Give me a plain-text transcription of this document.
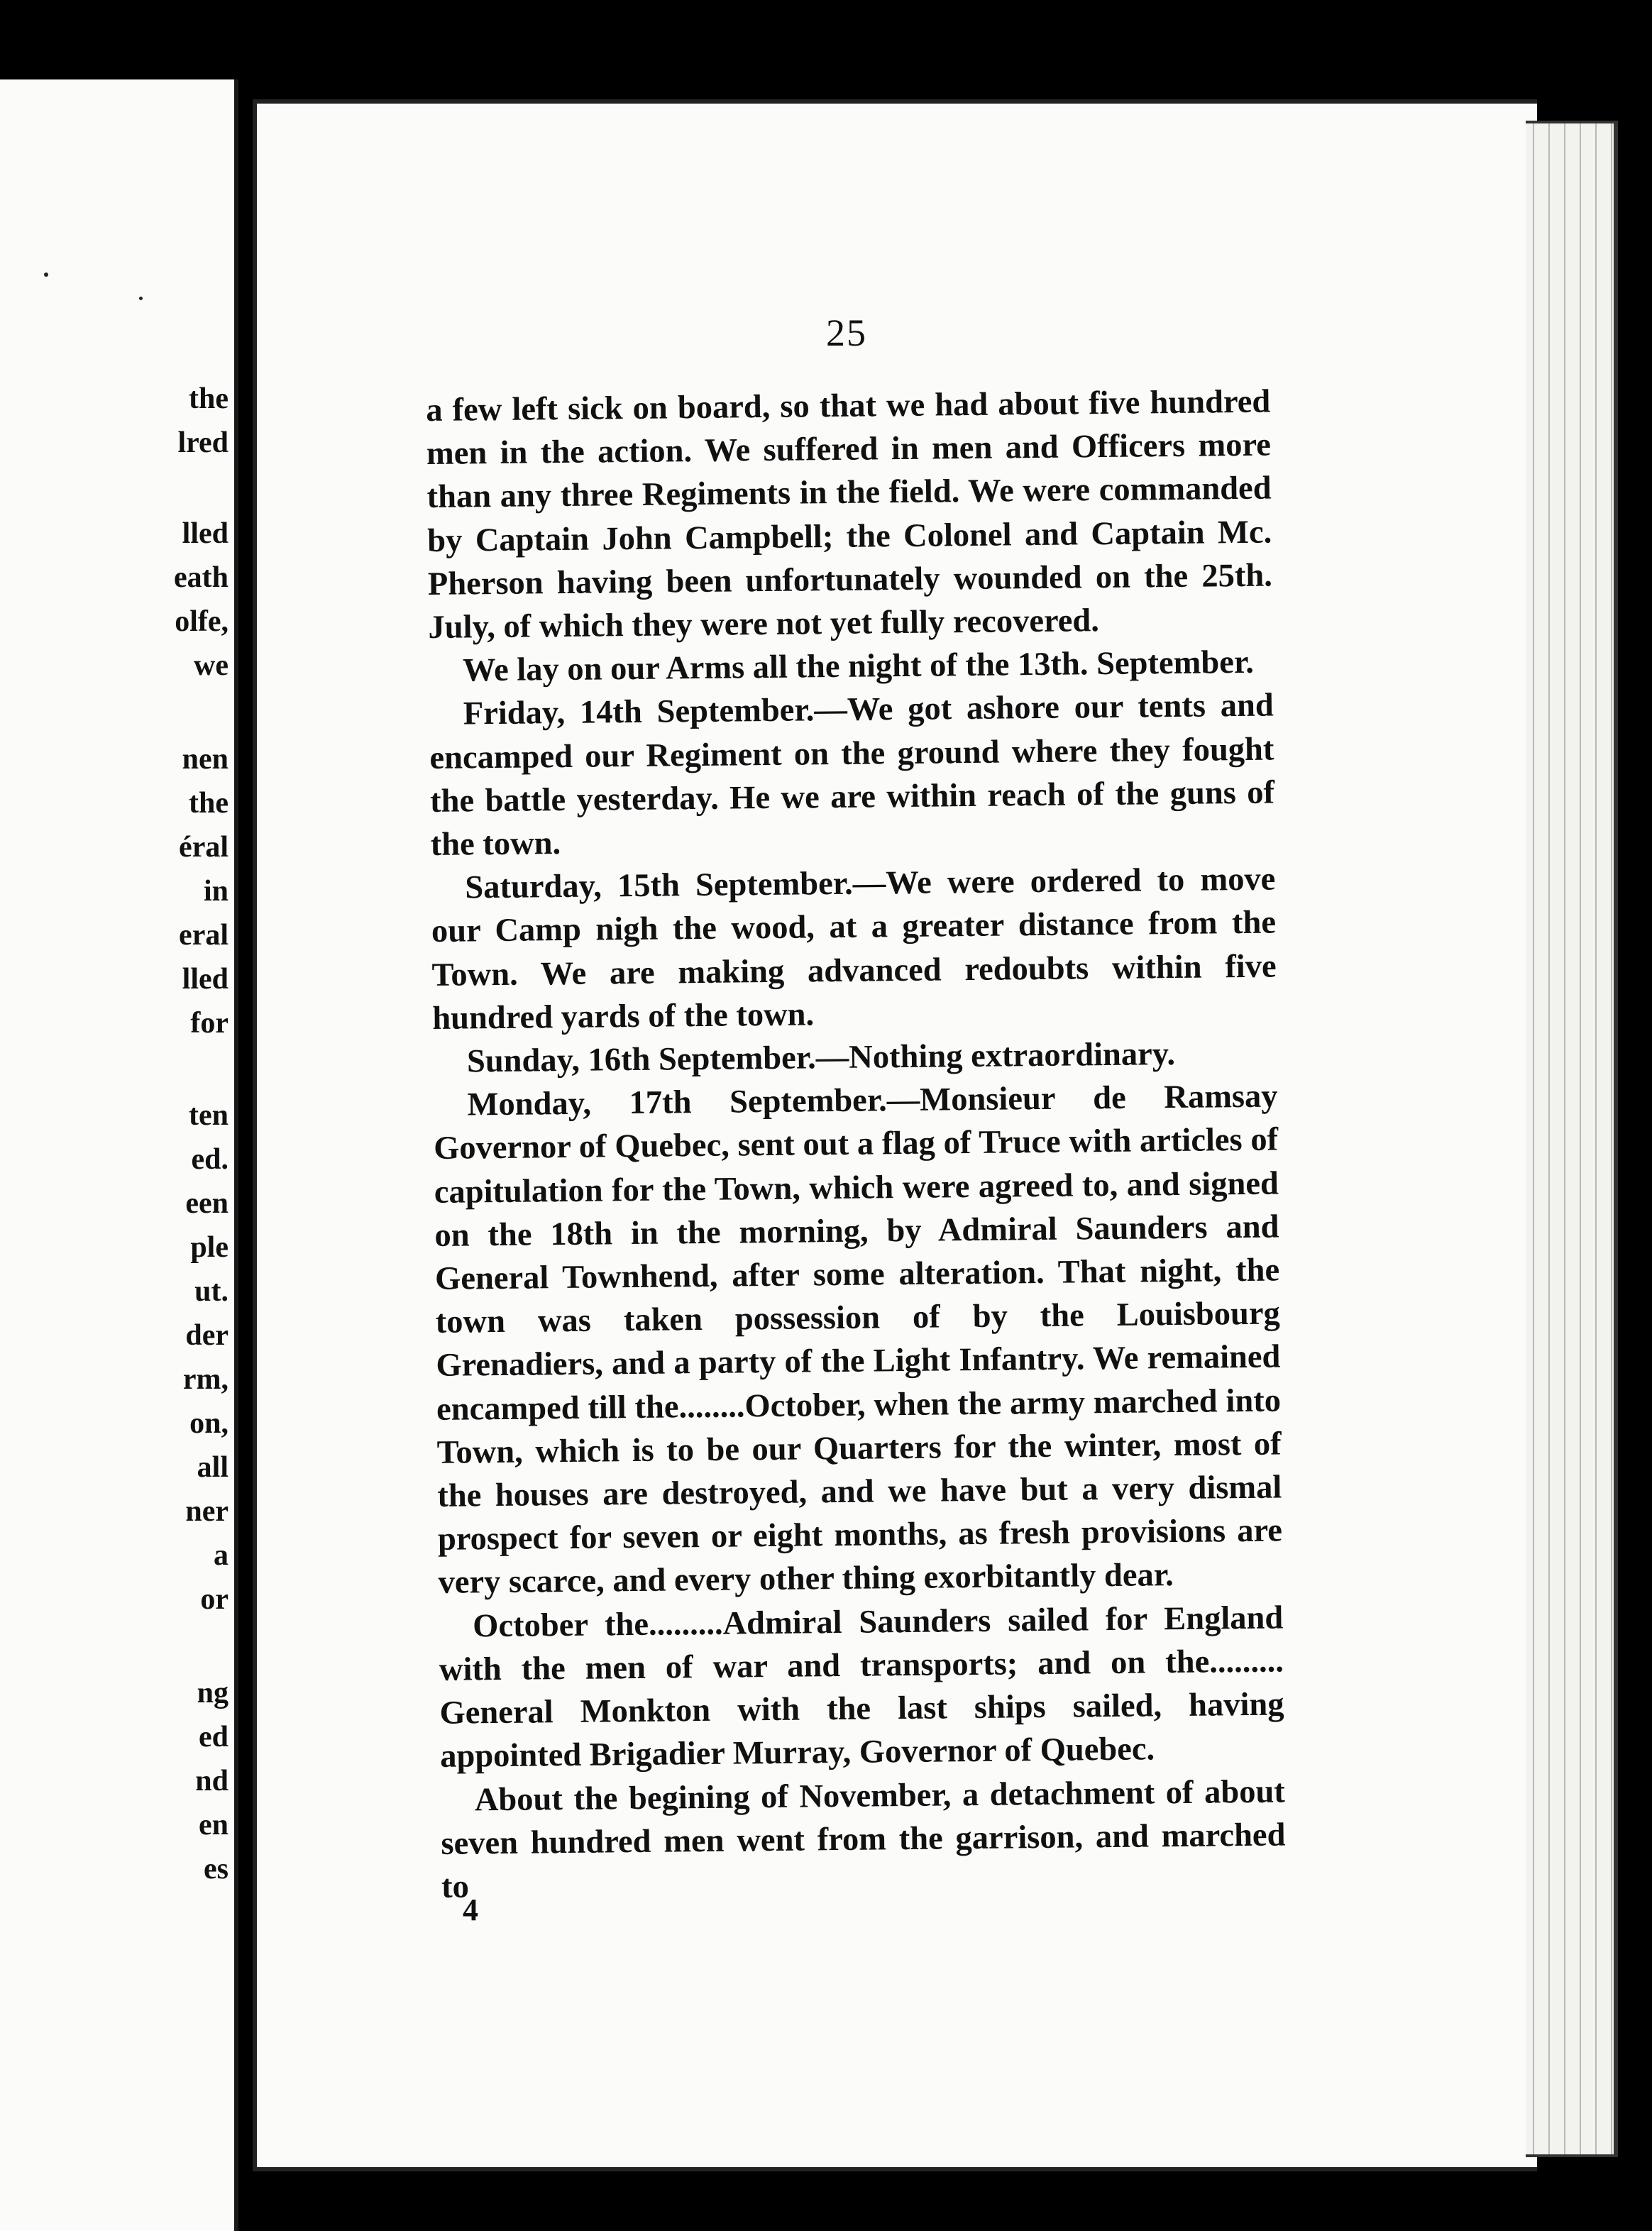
the
lred
lled
eath
olfe,
we
nen
the
éral
in
eral
lled
for
ten
ed.
een
ple
ut.
der
rm,
on,
all
ner
a
or
ng
ed
nd
en
es
25

a few left sick on board, so that we had about five hundred men in the action. We suffered in men and Officers more than any three Regiments in the field. We were commanded by Captain John Campbell; the Colonel and Captain Mc. Pherson having been unfortunately wounded on the 25th. July, of which they were not yet fully recovered.

We lay on our Arms all the night of the 13th. September.

Friday, 14th September.—We got ashore our tents and encamped our Regiment on the ground where they fought the battle yesterday. He we are within reach of the guns of the town.

Saturday, 15th September.—We were ordered to move our Camp nigh the wood, at a greater distance from the Town. We are making advanced redoubts within five hundred yards of the town.

Sunday, 16th September.—Nothing extraordinary.

Monday, 17th September.—Monsieur de Ramsay Governor of Quebec, sent out a flag of Truce with articles of capitulation for the Town, which were agreed to, and signed on the 18th in the morning, by Admiral Saunders and General Townhend, after some alteration. That night, the town was taken possession of by the Louisbourg Grenadiers, and a party of the Light Infantry. We remained encamped till the........October, when the army marched into Town, which is to be our Quarters for the winter, most of the houses are destroyed, and we have but a very dismal prospect for seven or eight months, as fresh provisions are very scarce, and every other thing exorbitantly dear.

October the.........Admiral Saunders sailed for England with the men of war and transports; and on the......... General Monkton with the last ships sailed, having appointed Brigadier Murray, Governor of Quebec.

About the begining of November, a detachment of about seven hundred men went from the garrison, and marched to

4
